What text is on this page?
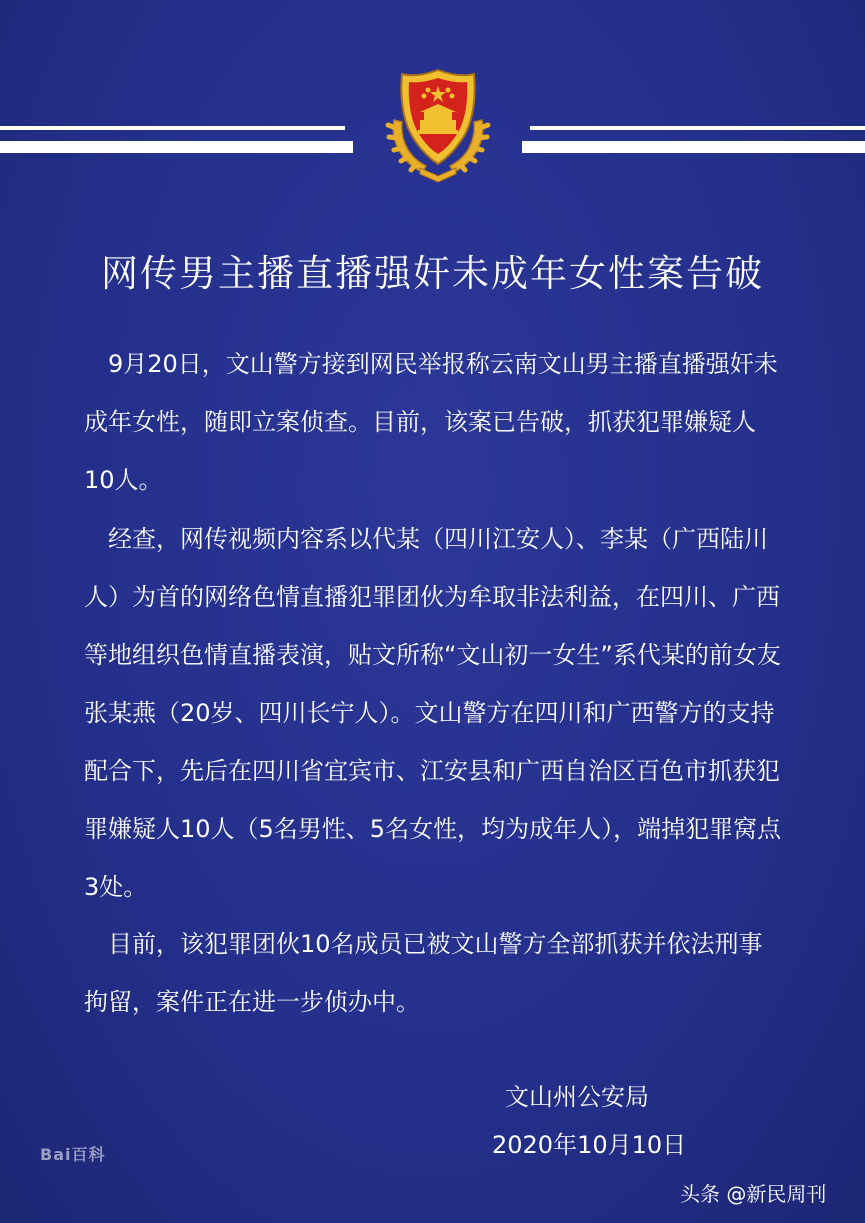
网传男主播直播强奸未成年女性案告破
　9月20日，文山警方接到网民举报称云南文山男主播直播强奸未成年女性，随即立案侦查。目前，该案已告破，抓获犯罪嫌疑人10人。
　经查，网传视频内容系以代某（四川江安人）、李某（广西陆川人）为首的网络色情直播犯罪团伙为牟取非法利益，在四川、广西等地组织色情直播表演，贴文所称“文山初一女生”系代某的前女友张某燕（20岁、四川长宁人）。文山警方在四川和广西警方的支持配合下，先后在四川省宜宾市、江安县和广西自治区百色市抓获犯罪嫌疑人10人（5名男性、5名女性，均为成年人），端掉犯罪窝点3处。
　目前，该犯罪团伙10名成员已被文山警方全部抓获并依法刑事拘留，案件正在进一步侦办中。
文山州公安局
2020年10月10日
Bai百科
头条 @新民周刊
